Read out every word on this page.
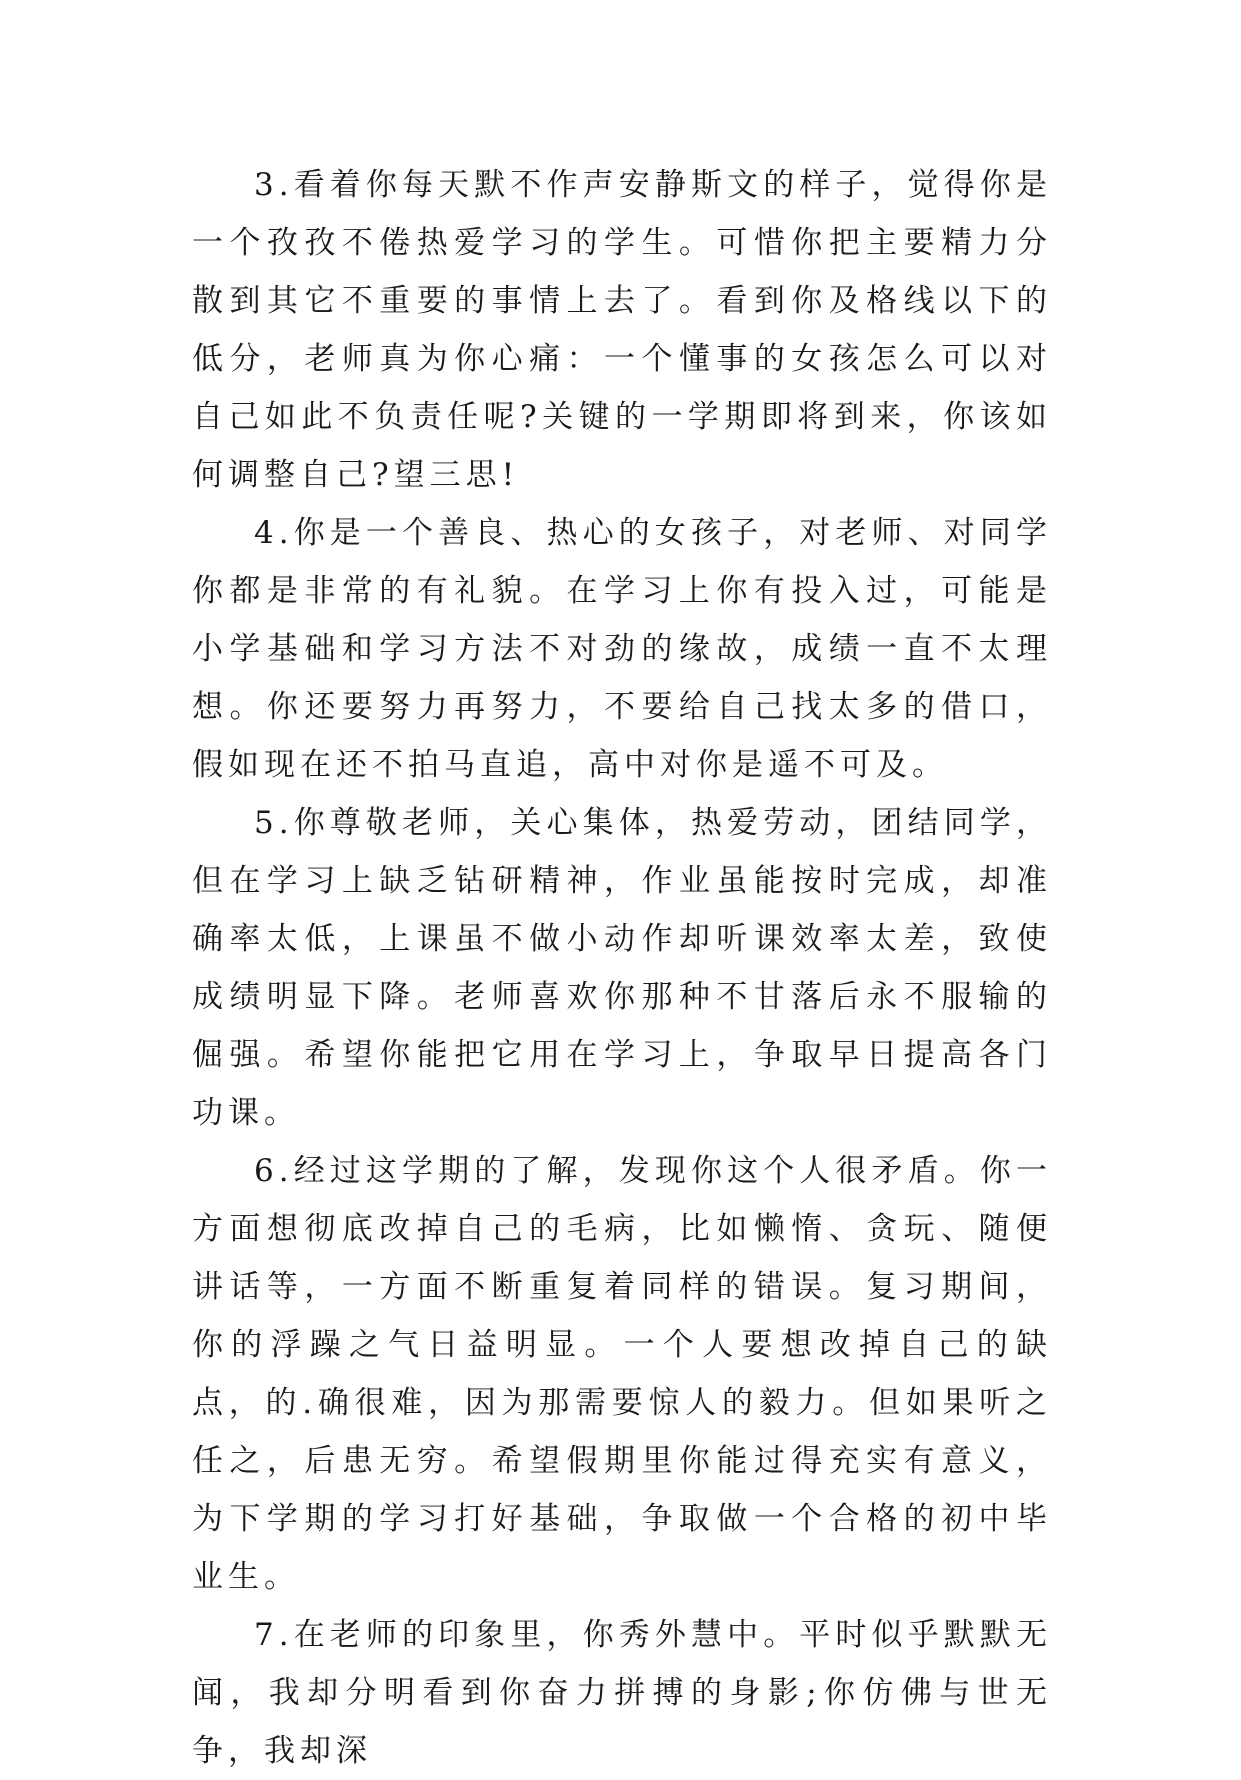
3.看着你每天默不作声安静斯文的样子，觉得你是一个孜孜不倦热爱学习的学生。可惜你把主要精力分散到其它不重要的事情上去了。看到你及格线以下的低分，老师真为你心痛：一个懂事的女孩怎么可以对自己如此不负责任呢?关键的一学期即将到来，你该如何调整自己?望三思!

4.你是一个善良、热心的女孩子，对老师、对同学你都是非常的有礼貌。在学习上你有投入过，可能是小学基础和学习方法不对劲的缘故，成绩一直不太理想。你还要努力再努力，不要给自己找太多的借口，假如现在还不拍马直追，高中对你是遥不可及。

5.你尊敬老师，关心集体，热爱劳动，团结同学，但在学习上缺乏钻研精神，作业虽能按时完成，却准确率太低，上课虽不做小动作却听课效率太差，致使成绩明显下降。老师喜欢你那种不甘落后永不服输的倔强。希望你能把它用在学习上，争取早日提高各门功课。

6.经过这学期的了解，发现你这个人很矛盾。你一方面想彻底改掉自己的毛病，比如懒惰、贪玩、随便讲话等，一方面不断重复着同样的错误。复习期间，你的浮躁之气日益明显。一个人要想改掉自己的缺点，的.确很难，因为那需要惊人的毅力。但如果听之任之，后患无穷。希望假期里你能过得充实有意义，为下学期的学习打好基础，争取做一个合格的初中毕业生。

7.在老师的印象里，你秀外慧中。平时似乎默默无闻，我却分明看到你奋力拼搏的身影;你仿佛与世无争，我却深
